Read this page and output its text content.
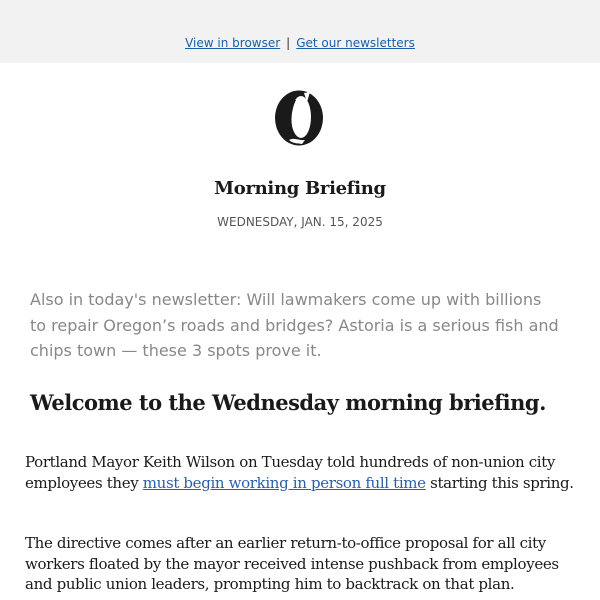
View in browser | Get our newsletters
Morning Briefing
WEDNESDAY, JAN. 15, 2025
Also in today's newsletter: Will lawmakers come up with billions to repair Oregon’s roads and bridges? Astoria is a serious fish and chips town — these 3 spots prove it.
Welcome to the Wednesday morning briefing.
Portland Mayor Keith Wilson on Tuesday told hundreds of non-union city employees they must begin working in person full time starting this spring.
The directive comes after an earlier return-to-office proposal for all city workers floated by the mayor received intense pushback from employees and public union leaders, prompting him to backtrack on that plan.
